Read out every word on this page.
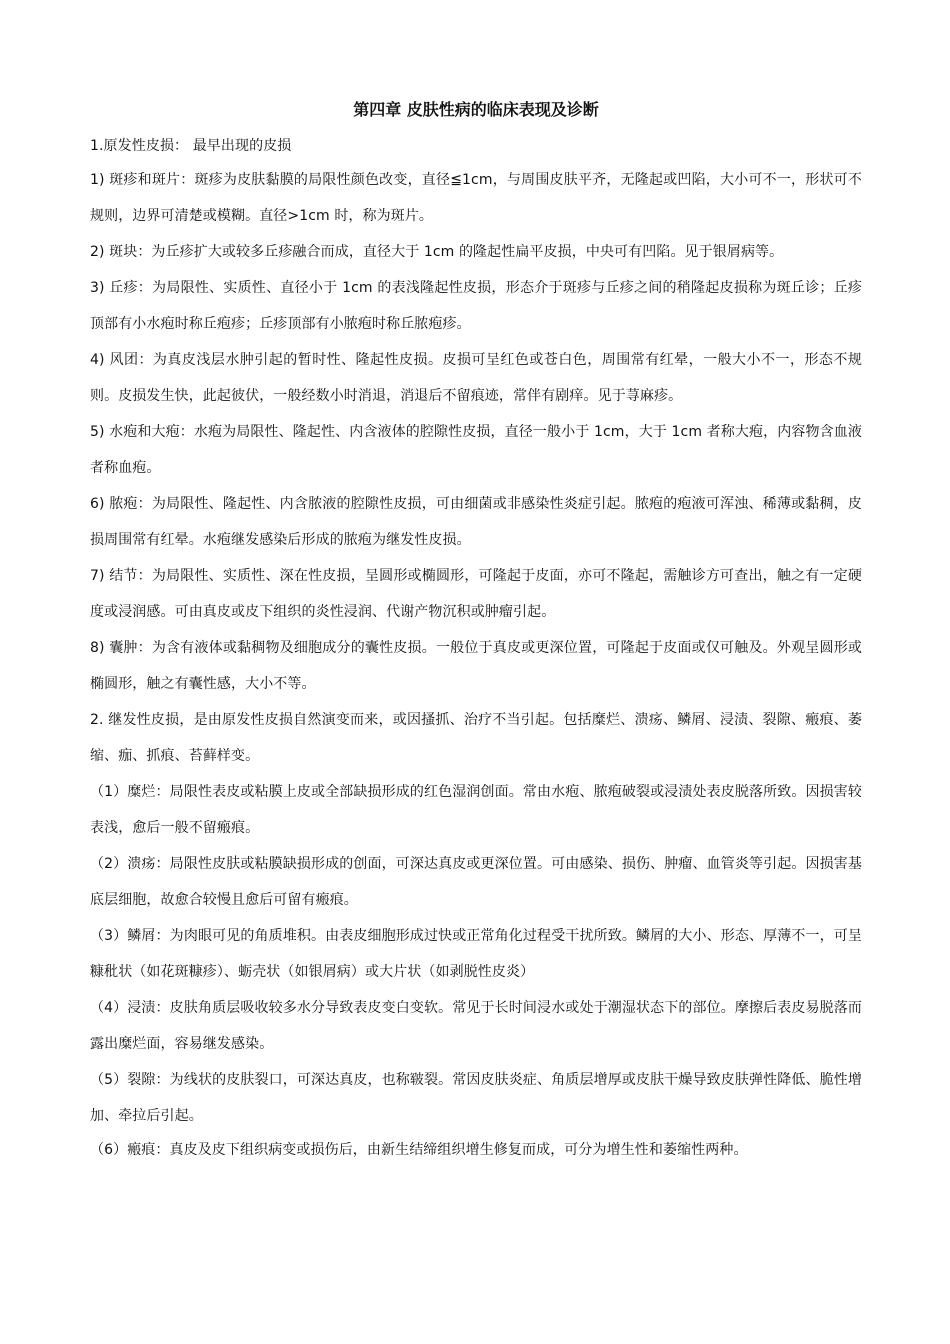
第四章 皮肤性病的临床表现及诊断

1.原发性皮损： 最早出现的皮损

1) 斑疹和斑片：斑疹为皮肤黏膜的局限性颜色改变，直径≦1cm，与周围皮肤平齐，无隆起或凹陷，大小可不一，形状可不规则，边界可清楚或模糊。直径>1cm 时，称为斑片。

2) 斑块：为丘疹扩大或较多丘疹融合而成，直径大于 1cm 的隆起性扁平皮损，中央可有凹陷。见于银屑病等。

3) 丘疹：为局限性、实质性、直径小于 1cm 的表浅隆起性皮损，形态介于斑疹与丘疹之间的稍隆起皮损称为斑丘诊；丘疹顶部有小水疱时称丘疱疹；丘疹顶部有小脓疱时称丘脓疱疹。

4) 风团：为真皮浅层水肿引起的暂时性、隆起性皮损。皮损可呈红色或苍白色，周围常有红晕，一般大小不一，形态不规则。皮损发生快，此起彼伏，一般经数小时消退，消退后不留痕迹，常伴有剧痒。见于荨麻疹。

5) 水疱和大疱：水疱为局限性、隆起性、内含液体的腔隙性皮损，直径一般小于 1cm，大于 1cm 者称大疱，内容物含血液者称血疱。

6) 脓疱：为局限性、隆起性、内含脓液的腔隙性皮损，可由细菌或非感染性炎症引起。脓疱的疱液可浑浊、稀薄或黏稠，皮损周围常有红晕。水疱继发感染后形成的脓疱为继发性皮损。

7) 结节：为局限性、实质性、深在性皮损，呈圆形或椭圆形，可隆起于皮面，亦可不隆起，需触诊方可查出，触之有一定硬度或浸润感。可由真皮或皮下组织的炎性浸润、代谢产物沉积或肿瘤引起。

8) 囊肿：为含有液体或黏稠物及细胞成分的囊性皮损。一般位于真皮或更深位置，可隆起于皮面或仅可触及。外观呈圆形或椭圆形，触之有囊性感，大小不等。

2. 继发性皮损，是由原发性皮损自然演变而来，或因搔抓、治疗不当引起。包括糜烂、溃疡、鳞屑、浸渍、裂隙、瘢痕、萎缩、痂、抓痕、苔藓样变。

（1）糜烂：局限性表皮或粘膜上皮或全部缺损形成的红色湿润创面。常由水疱、脓疱破裂或浸渍处表皮脱落所致。因损害较表浅，愈后一般不留瘢痕。

（2）溃疡：局限性皮肤或粘膜缺损形成的创面，可深达真皮或更深位置。可由感染、损伤、肿瘤、血管炎等引起。因损害基底层细胞，故愈合较慢且愈后可留有瘢痕。

（3）鳞屑：为肉眼可见的角质堆积。由表皮细胞形成过快或正常角化过程受干扰所致。鳞屑的大小、形态、厚薄不一，可呈糠秕状（如花斑糠疹）、蛎壳状（如银屑病）或大片状（如剥脱性皮炎）

（4）浸渍：皮肤角质层吸收较多水分导致表皮变白变软。常见于长时间浸水或处于潮湿状态下的部位。摩擦后表皮易脱落而露出糜烂面，容易继发感染。

（5）裂隙：为线状的皮肤裂口，可深达真皮，也称皲裂。常因皮肤炎症、角质层增厚或皮肤干燥导致皮肤弹性降低、脆性增加、牵拉后引起。

（6）瘢痕：真皮及皮下组织病变或损伤后，由新生结缔组织增生修复而成，可分为增生性和萎缩性两种。
